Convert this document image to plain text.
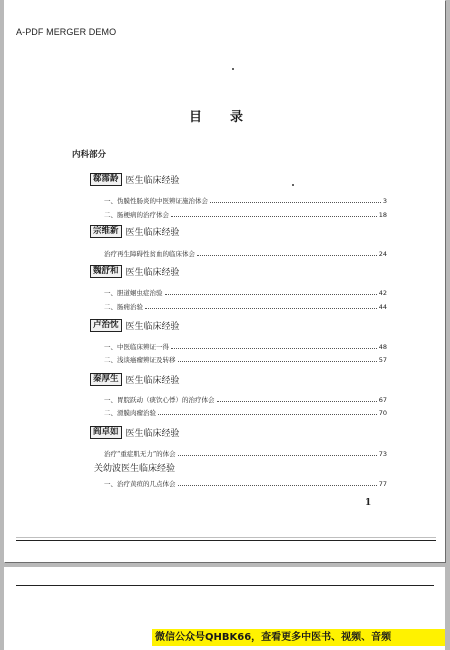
A-PDF MERGER DEMO
目录
内科部分
郗霈龄 医生临床经验
一、伪膜性肠炎的中医辨证施治体会	3
二、肠梗病的治疗体会	18
宗维新 医生临床经验
治疗再生障碍性贫血的临床体会	24
魏舒和 医生临床经验
一、胆道蛔虫症治验	42
二、肠痈治验	44
卢治忱 医生临床经验
一、中医临床辨证一得	48
二、浅谈癌瘤辨证及转移	57
秦厚生 医生临床经验
一、胃脘跃动（痰饮心悸）的治疗体会	67
二、滑膜肉瘤治验	70
阎卓如 医生临床经验
治疗“重症肌无力”的体会	73
关幼波医生临床经验
一、治疗黄疸的几点体会	77
1
微信公众号QHBK66，查看更多中医书、视频、音频
